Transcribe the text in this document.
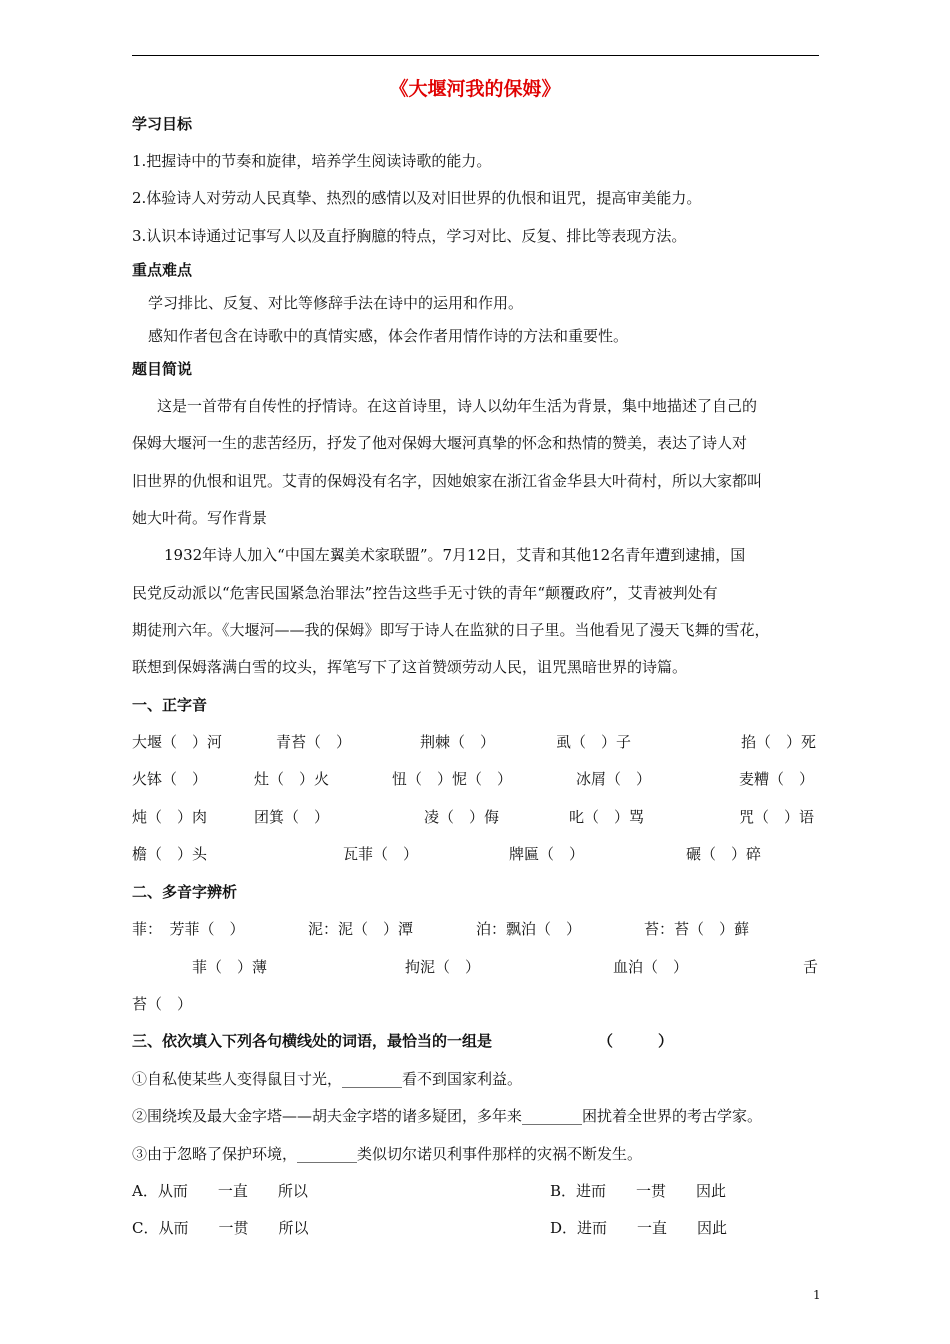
《大堰河我的保姆》
学习目标
1.把握诗中的节奏和旋律，培养学生阅读诗歌的能力。
2.体验诗人对劳动人民真挚、热烈的感情以及对旧世界的仇恨和诅咒，提高审美能力。
3.认识本诗通过记事写人以及直抒胸臆的特点，学习对比、反复、排比等表现方法。
重点难点
学习排比、反复、对比等修辞手法在诗中的运用和作用。
感知作者包含在诗歌中的真情实感，体会作者用情作诗的方法和重要性。
题目简说
这是一首带有自传性的抒情诗。在这首诗里，诗人以幼年生活为背景，集中地描述了自己的
保姆大堰河一生的悲苦经历，抒发了他对保姆大堰河真挚的怀念和热情的赞美，表达了诗人对
旧世界的仇恨和诅咒。艾青的保姆没有名字，因她娘家在浙江省金华县大叶荷村，所以大家都叫
她大叶荷。写作背景
1932年诗人加入“中国左翼美术家联盟”。7月12日，艾青和其他12名青年遭到逮捕，国
民党反动派以“危害民国紧急治罪法”控告这些手无寸铁的青年“颠覆政府”，艾青被判处有
期徒刑六年。《大堰河——我的保姆》即写于诗人在监狱的日子里。当他看见了漫天飞舞的雪花，
联想到保姆落满白雪的坟头，挥笔写下了这首赞颂劳动人民，诅咒黑暗世界的诗篇。
一、正字音
大堰（　）河	青苔（　）	荆棘（　）	虱（　）子	掐（　）死
火钵（　）	灶（　）火	忸（　）怩（　）	冰屑（　）	麦糟（　）
炖（　）肉	团箕（　）	凌（　）侮	叱（　）骂	咒（　）语
檐（　）头	瓦菲（　）	牌匾（　）	碾（　）碎
二、多音字辨析
菲：　芳菲（　）	泥：泥（　）潭	泊：飘泊（　）	苔：苔（　）藓
菲（　）薄	拘泥（　）	血泊（　）	舌
苔（　）
三、依次填入下列各句横线处的词语，最恰当的一组是	（　　　）
①自私使某些人变得鼠目寸光，________看不到国家利益。
②围绕埃及最大金字塔——胡夫金字塔的诸多疑团，多年来________困扰着全世界的考古学家。
③由于忽略了保护环境，________类似切尔诺贝利事件那样的灾祸不断发生。
A．从而　　一直　　所以	B．进而　　一贯　　因此
C．从而　　一贯　　所以	D．进而　　一直　　因此
1
